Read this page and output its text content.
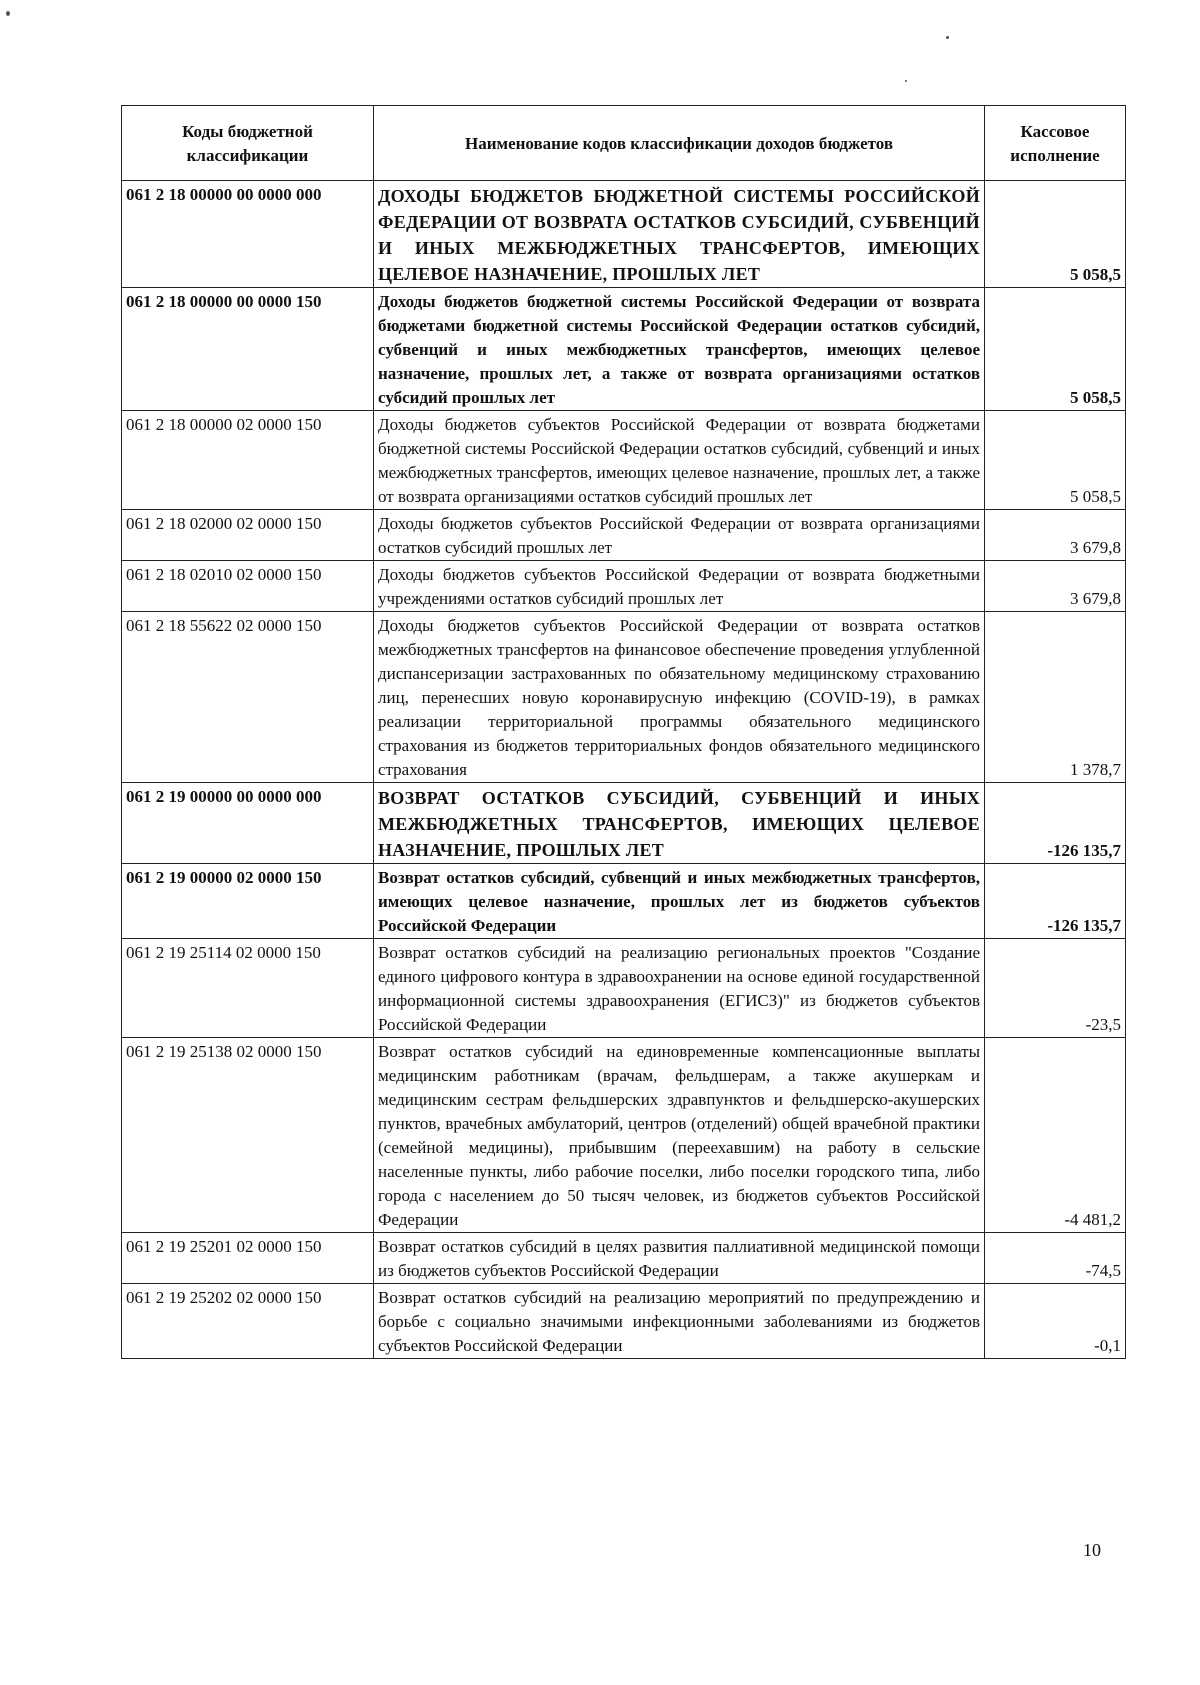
Коды бюджетной классификации	Наименование кодов классификации доходов бюджетов	Кассовое исполнение
061 2 18 00000 00 0000 000	ДОХОДЫ БЮДЖЕТОВ БЮДЖЕТНОЙ СИСТЕМЫ РОССИЙСКОЙ ФЕДЕРАЦИИ ОТ ВОЗВРАТА ОСТАТКОВ СУБСИДИЙ, СУБВЕНЦИЙ И ИНЫХ МЕЖБЮДЖЕТНЫХ ТРАНСФЕРТОВ, ИМЕЮЩИХ ЦЕЛЕВОЕ НАЗНАЧЕНИЕ, ПРОШЛЫХ ЛЕТ	5 058,5
061 2 18 00000 00 0000 150	Доходы бюджетов бюджетной системы Российской Федерации от возврата бюджетами бюджетной системы Российской Федерации остатков субсидий, субвенций и иных межбюджетных трансфертов, имеющих целевое назначение, прошлых лет, а также от возврата организациями остатков субсидий прошлых лет	5 058,5
061 2 18 00000 02 0000 150	Доходы бюджетов субъектов Российской Федерации от возврата бюджетами бюджетной системы Российской Федерации остатков субсидий, субвенций и иных межбюджетных трансфертов, имеющих целевое назначение, прошлых лет, а также от возврата организациями остатков субсидий прошлых лет	5 058,5
061 2 18 02000 02 0000 150	Доходы бюджетов субъектов Российской Федерации от возврата организациями остатков субсидий прошлых лет	3 679,8
061 2 18 02010 02 0000 150	Доходы бюджетов субъектов Российской Федерации от возврата бюджетными учреждениями остатков субсидий прошлых лет	3 679,8
061 2 18 55622 02 0000 150	Доходы бюджетов субъектов Российской Федерации от возврата остатков межбюджетных трансфертов на финансовое обеспечение проведения углубленной диспансеризации застрахованных по обязательному медицинскому страхованию лиц, перенесших новую коронавирусную инфекцию (COVID-19), в рамках реализации территориальной программы обязательного медицинского страхования из бюджетов территориальных фондов обязательного медицинского страхования	1 378,7
061 2 19 00000 00 0000 000	ВОЗВРАТ ОСТАТКОВ СУБСИДИЙ, СУБВЕНЦИЙ И ИНЫХ МЕЖБЮДЖЕТНЫХ ТРАНСФЕРТОВ, ИМЕЮЩИХ ЦЕЛЕВОЕ НАЗНАЧЕНИЕ, ПРОШЛЫХ ЛЕТ	-126 135,7
061 2 19 00000 02 0000 150	Возврат остатков субсидий, субвенций и иных межбюджетных трансфертов, имеющих целевое назначение, прошлых лет из бюджетов субъектов Российской Федерации	-126 135,7
061 2 19 25114 02 0000 150	Возврат остатков субсидий на реализацию региональных проектов "Создание единого цифрового контура в здравоохранении на основе единой государственной информационной системы здравоохранения (ЕГИСЗ)" из бюджетов субъектов Российской Федерации	-23,5
061 2 19 25138 02 0000 150	Возврат остатков субсидий на единовременные компенсационные выплаты медицинским работникам (врачам, фельдшерам, а также акушеркам и медицинским сестрам фельдшерских здравпунктов и фельдшерско-акушерских пунктов, врачебных амбулаторий, центров (отделений) общей врачебной практики (семейной медицины), прибывшим (переехавшим) на работу в сельские населенные пункты, либо рабочие поселки, либо поселки городского типа, либо города с населением до 50 тысяч человек, из бюджетов субъектов Российской Федерации	-4 481,2
061 2 19 25201 02 0000 150	Возврат остатков субсидий в целях развития паллиативной медицинской помощи из бюджетов субъектов Российской Федерации	-74,5
061 2 19 25202 02 0000 150	Возврат остатков субсидий на реализацию мероприятий по предупреждению и борьбе с социально значимыми инфекционными заболеваниями из бюджетов субъектов Российской Федерации	-0,1
10
